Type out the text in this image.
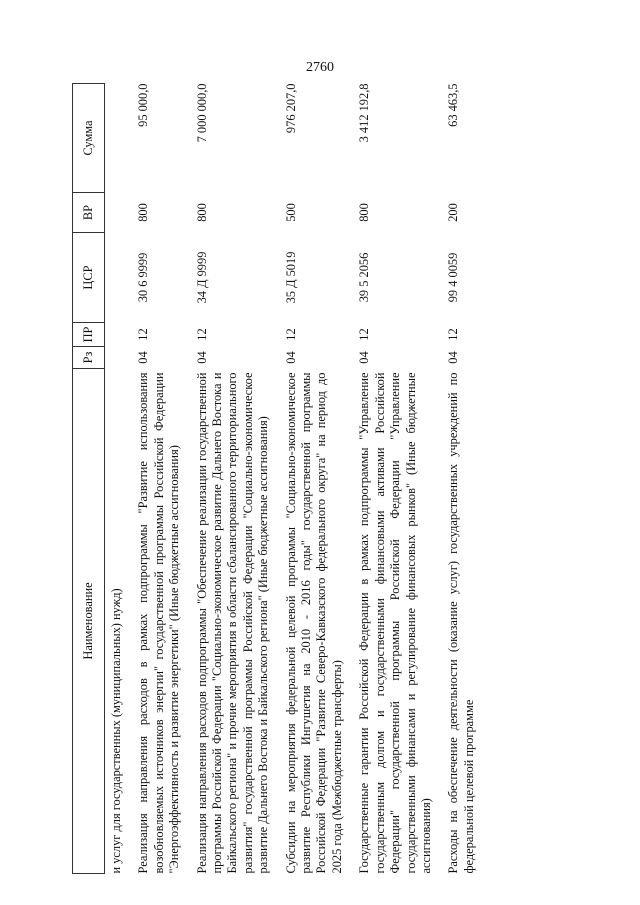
2760
Наименование	Рз	ПР	ЦСР	ВР	Сумма
и услуг для государственных (муниципальных) нужд)					
Реализация направления расходов в рамках подпрограммы "Развитие использования возобновляемых источников энергии" государственной программы Российской Федерации "Энергоэффективность и развитие энергетики" (Иные бюджетные ассигнования)	04	12	30 6 9999	800	95 000,0
Реализация направления расходов подпрограммы "Обеспечение реализации государственной программы Российской Федерации "Социально-экономическое развитие Дальнего Востока и Байкальского региона" и прочие мероприятия в области сбалансированного территориального развития" государственной программы Российской Федерации "Социально-экономическое развитие Дальнего Востока и Байкальского региона" (Иные бюджетные ассигнования)	04	12	34 Д 9999	800	7 000 000,0
Субсидии на мероприятия федеральной целевой программы "Социально-экономическое развитие Республики Ингушетия на 2010 - 2016 годы" государственной программы Российской Федерации "Развитие Северо-Кавказского федерального округа" на период до 2025 года (Межбюджетные трансферты)	04	12	35 Д 5019	500	976 207,0
Государственные гарантии Российской Федерации в рамках подпрограммы "Управление государственным долгом и государственными финансовыми активами Российской Федерации" государственной программы Российской Федерации "Управление государственными финансами и регулирование финансовых рынков" (Иные бюджетные ассигнования)	04	12	39 5 2056	800	3 412 192,8
Расходы на обеспечение деятельности (оказание услуг) государственных учреждений по федеральной целевой программе	04	12	99 4 0059	200	63 463,5
